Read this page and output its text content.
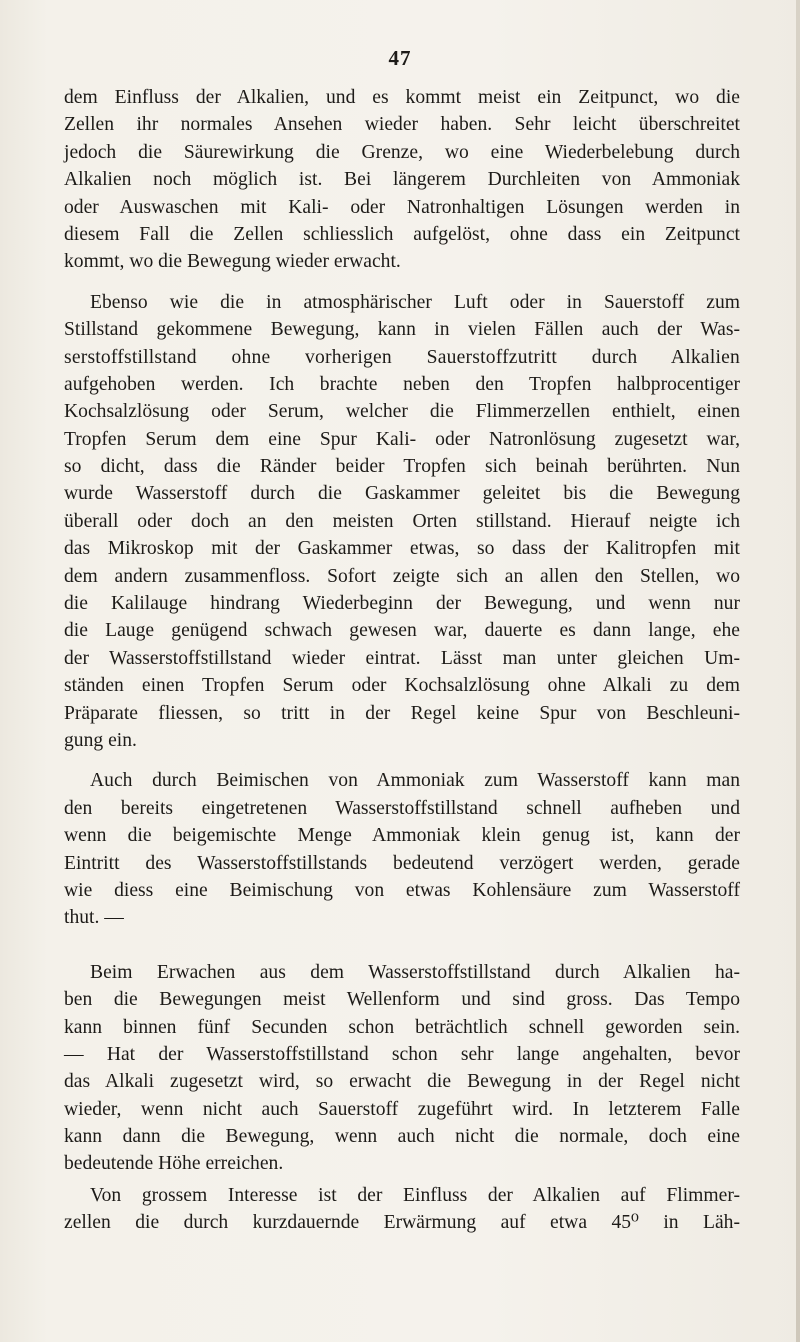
47
dem Einfluss der Alkalien, und es kommt meist ein Zeitpunct, wo die
Zellen ihr normales Ansehen wieder haben. Sehr leicht überschreitet
jedoch die Säurewirkung die Grenze, wo eine Wiederbelebung durch
Alkalien noch möglich ist. Bei längerem Durchleiten von Ammoniak
oder Auswaschen mit Kali- oder Natronhaltigen Lösungen werden in
diesem Fall die Zellen schliesslich aufgelöst, ohne dass ein Zeitpunct
kommt, wo die Bewegung wieder erwacht.
Ebenso wie die in atmosphärischer Luft oder in Sauerstoff zum
Stillstand gekommene Bewegung, kann in vielen Fällen auch der Was-
serstoffstillstand ohne vorherigen Sauerstoffzutritt durch Alkalien
aufgehoben werden. Ich brachte neben den Tropfen halbprocentiger
Kochsalzlösung oder Serum, welcher die Flimmerzellen enthielt, einen
Tropfen Serum dem eine Spur Kali- oder Natronlösung zugesetzt war,
so dicht, dass die Ränder beider Tropfen sich beinah berührten. Nun
wurde Wasserstoff durch die Gaskammer geleitet bis die Bewegung
überall oder doch an den meisten Orten stillstand. Hierauf neigte ich
das Mikroskop mit der Gaskammer etwas, so dass der Kalitropfen mit
dem andern zusammenfloss. Sofort zeigte sich an allen den Stellen, wo
die Kalilauge hindrang Wiederbeginn der Bewegung, und wenn nur
die Lauge genügend schwach gewesen war, dauerte es dann lange, ehe
der Wasserstoffstillstand wieder eintrat. Lässt man unter gleichen Um-
ständen einen Tropfen Serum oder Kochsalzlösung ohne Alkali zu dem
Präparate fliessen, so tritt in der Regel keine Spur von Beschleuni-
gung ein.
Auch durch Beimischen von Ammoniak zum Wasserstoff kann man
den bereits eingetretenen Wasserstoffstillstand schnell aufheben und
wenn die beigemischte Menge Ammoniak klein genug ist, kann der
Eintritt des Wasserstoffstillstands bedeutend verzögert werden, gerade
wie diess eine Beimischung von etwas Kohlensäure zum Wasserstoff
thut. —
Beim Erwachen aus dem Wasserstoffstillstand durch Alkalien ha-
ben die Bewegungen meist Wellenform und sind gross. Das Tempo
kann binnen fünf Secunden schon beträchtlich schnell geworden sein.
— Hat der Wasserstoffstillstand schon sehr lange angehalten, bevor
das Alkali zugesetzt wird, so erwacht die Bewegung in der Regel nicht
wieder, wenn nicht auch Sauerstoff zugeführt wird. In letzterem Falle
kann dann die Bewegung, wenn auch nicht die normale, doch eine
bedeutende Höhe erreichen.
Von grossem Interesse ist der Einfluss der Alkalien auf Flimmer-
zellen die durch kurzdauernde Erwärmung auf etwa 45⁰ in Läh-
